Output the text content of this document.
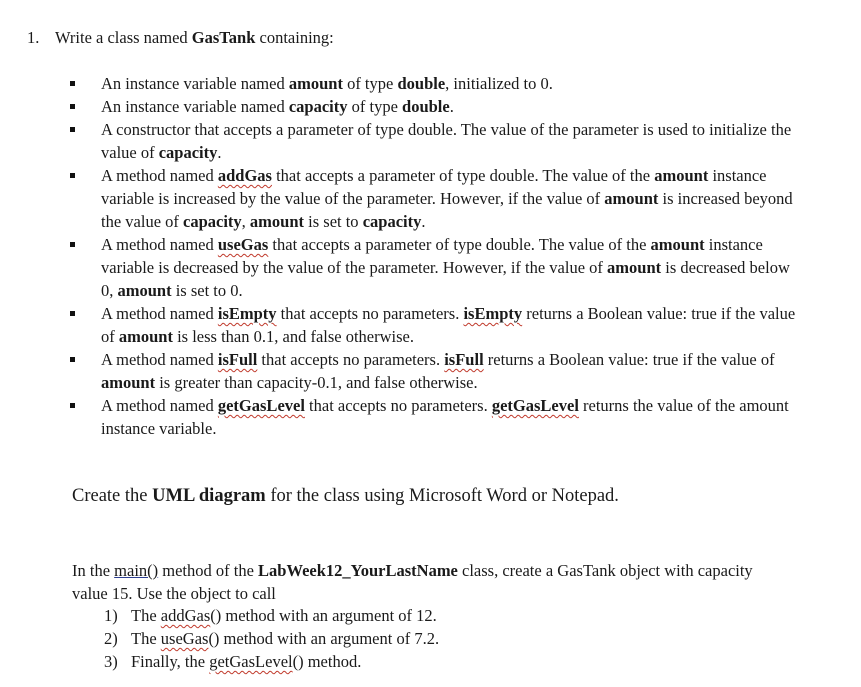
1. Write a class named GasTank containing:
An instance variable named amount of type double, initialized to 0.
An instance variable named capacity of type double.
A constructor that accepts a parameter of type double. The value of the parameter is used to initialize the value of capacity.
A method named addGas that accepts a parameter of type double. The value of the amount instance variable is increased by the value of the parameter. However, if the value of amount is increased beyond the value of capacity, amount is set to capacity.
A method named useGas that accepts a parameter of type double. The value of the amount instance variable is decreased by the value of the parameter. However, if the value of amount is decreased below 0, amount is set to 0.
A method named isEmpty that accepts no parameters. isEmpty returns a Boolean value: true if the value of amount is less than 0.1, and false otherwise.
A method named isFull that accepts no parameters. isFull returns a Boolean value: true if the value of amount is greater than capacity-0.1, and false otherwise.
A method named getGasLevel that accepts no parameters. getGasLevel returns the value of the amount instance variable.
Create the UML diagram for the class using Microsoft Word or Notepad.
In the main() method of the LabWeek12_YourLastName class, create a GasTank object with capacity value 15. Use the object to call
1) The addGas() method with an argument of 12.
2) The useGas() method with an argument of 7.2.
3) Finally, the getGasLevel() method.
